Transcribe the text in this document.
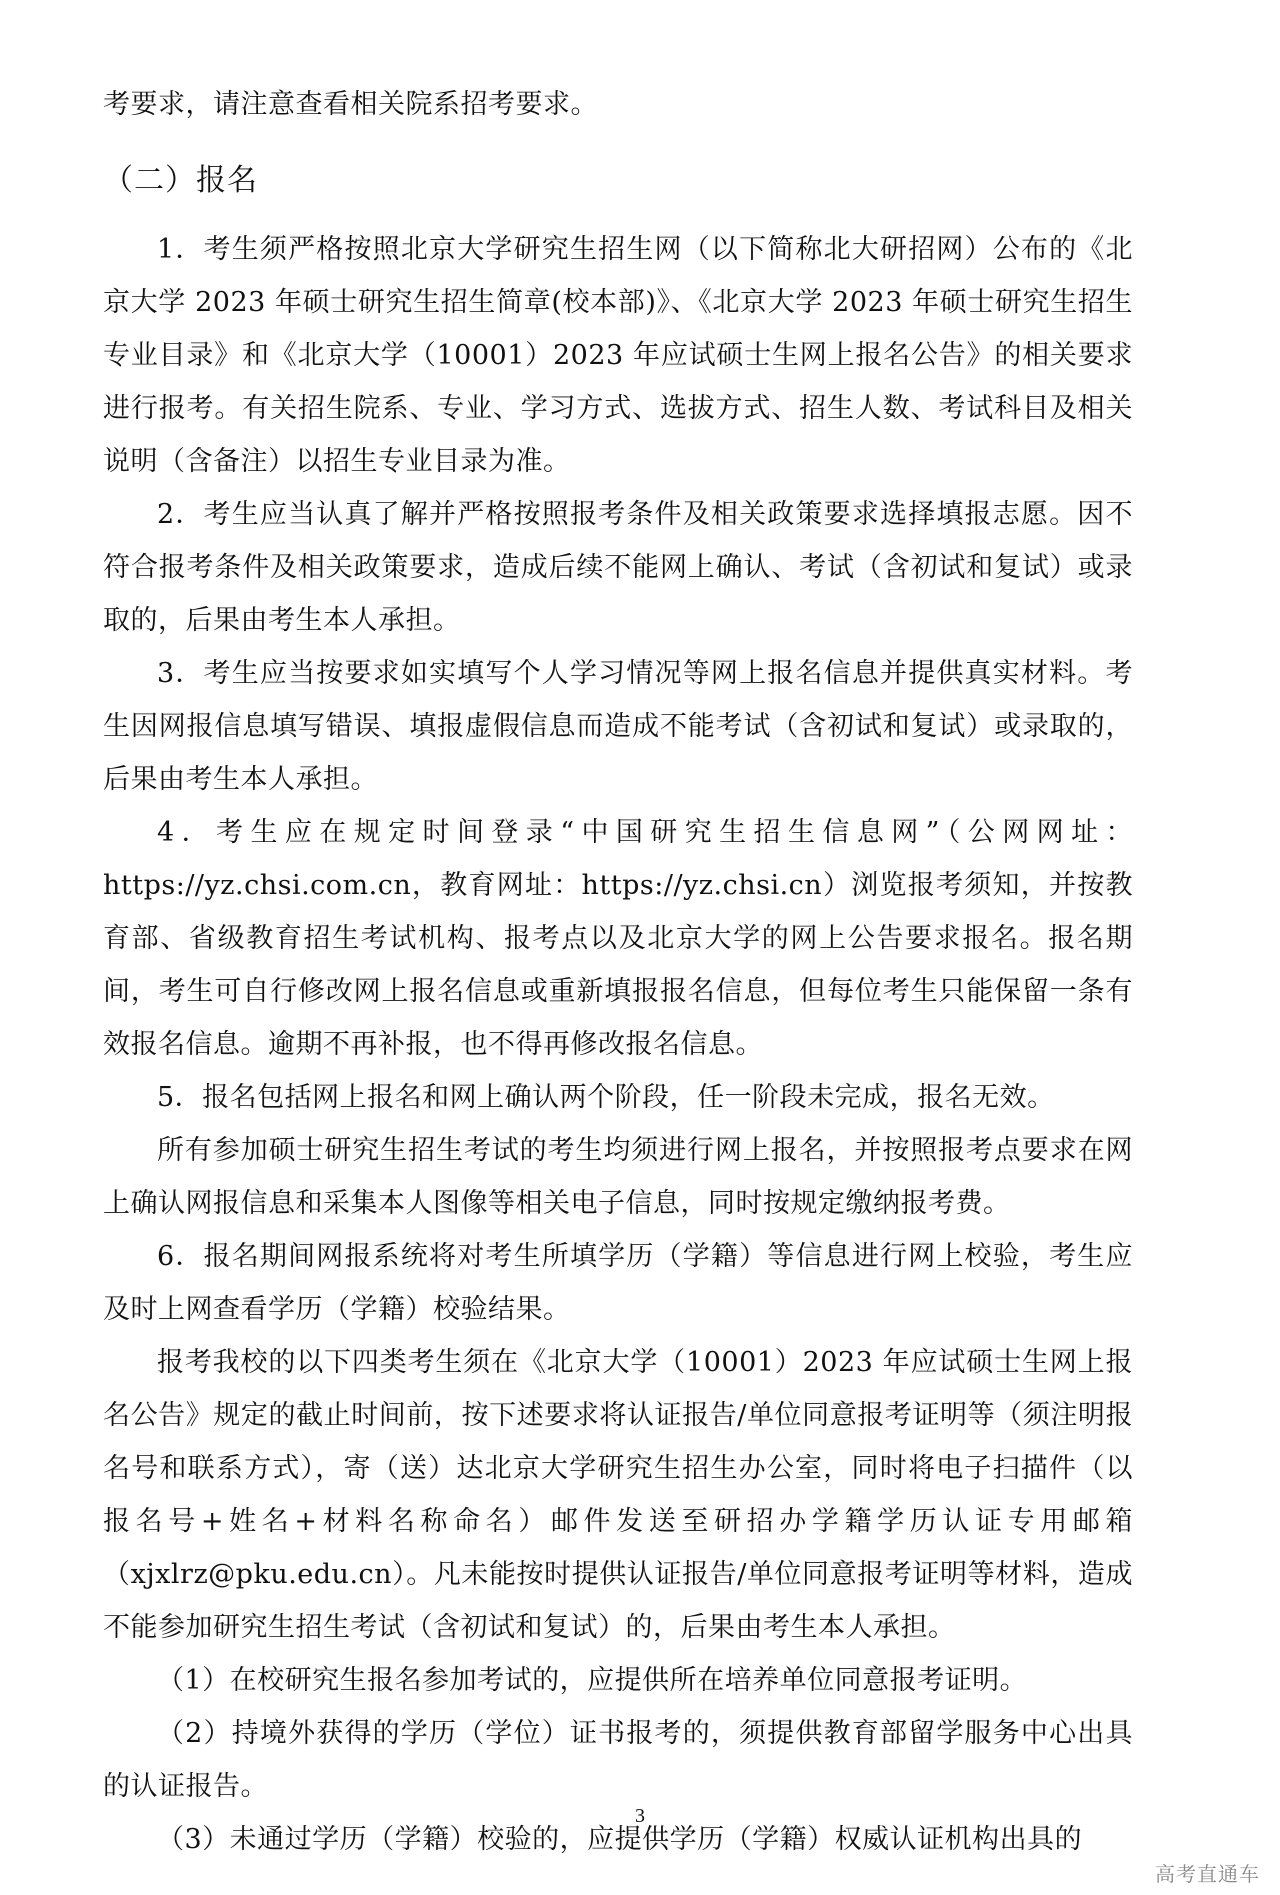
考要求，请注意查看相关院系招考要求。

（二）报名

1．考生须严格按照北京大学研究生招生网（以下简称北大研招网）公布的《北京大学 2023 年硕士研究生招生简章(校本部)》、《北京大学 2023 年硕士研究生招生专业目录》和《北京大学（10001）2023 年应试硕士生网上报名公告》的相关要求进行报考。有关招生院系、专业、学习方式、选拔方式、招生人数、考试科目及相关说明（含备注）以招生专业目录为准。

2．考生应当认真了解并严格按照报考条件及相关政策要求选择填报志愿。因不符合报考条件及相关政策要求，造成后续不能网上确认、考试（含初试和复试）或录取的，后果由考生本人承担。

3．考生应当按要求如实填写个人学习情况等网上报名信息并提供真实材料。考生因网报信息填写错误、填报虚假信息而造成不能考试（含初试和复试）或录取的，后果由考生本人承担。

4．考生应在规定时间登录“中国研究生招生信息网”（公网网址：https://yz.chsi.com.cn，教育网址：https://yz.chsi.cn）浏览报考须知，并按教育部、省级教育招生考试机构、报考点以及北京大学的网上公告要求报名。报名期间，考生可自行修改网上报名信息或重新填报报名信息，但每位考生只能保留一条有效报名信息。逾期不再补报，也不得再修改报名信息。

5．报名包括网上报名和网上确认两个阶段，任一阶段未完成，报名无效。

所有参加硕士研究生招生考试的考生均须进行网上报名，并按照报考点要求在网上确认网报信息和采集本人图像等相关电子信息，同时按规定缴纳报考费。

6．报名期间网报系统将对考生所填学历（学籍）等信息进行网上校验，考生应及时上网查看学历（学籍）校验结果。

报考我校的以下四类考生须在《北京大学（10001）2023 年应试硕士生网上报名公告》规定的截止时间前，按下述要求将认证报告/单位同意报考证明等（须注明报名号和联系方式），寄（送）达北京大学研究生招生办公室，同时将电子扫描件（以报名号+姓名+材料名称命名）邮件发送至研招办学籍学历认证专用邮箱（xjxlrz@pku.edu.cn）。凡未能按时提供认证报告/单位同意报考证明等材料，造成不能参加研究生招生考试（含初试和复试）的，后果由考生本人承担。

（1）在校研究生报名参加考试的，应提供所在培养单位同意报考证明。

（2）持境外获得的学历（学位）证书报考的，须提供教育部留学服务中心出具的认证报告。

（3）未通过学历（学籍）校验的，应提供学历（学籍）权威认证机构出具的

3
高考直通车
